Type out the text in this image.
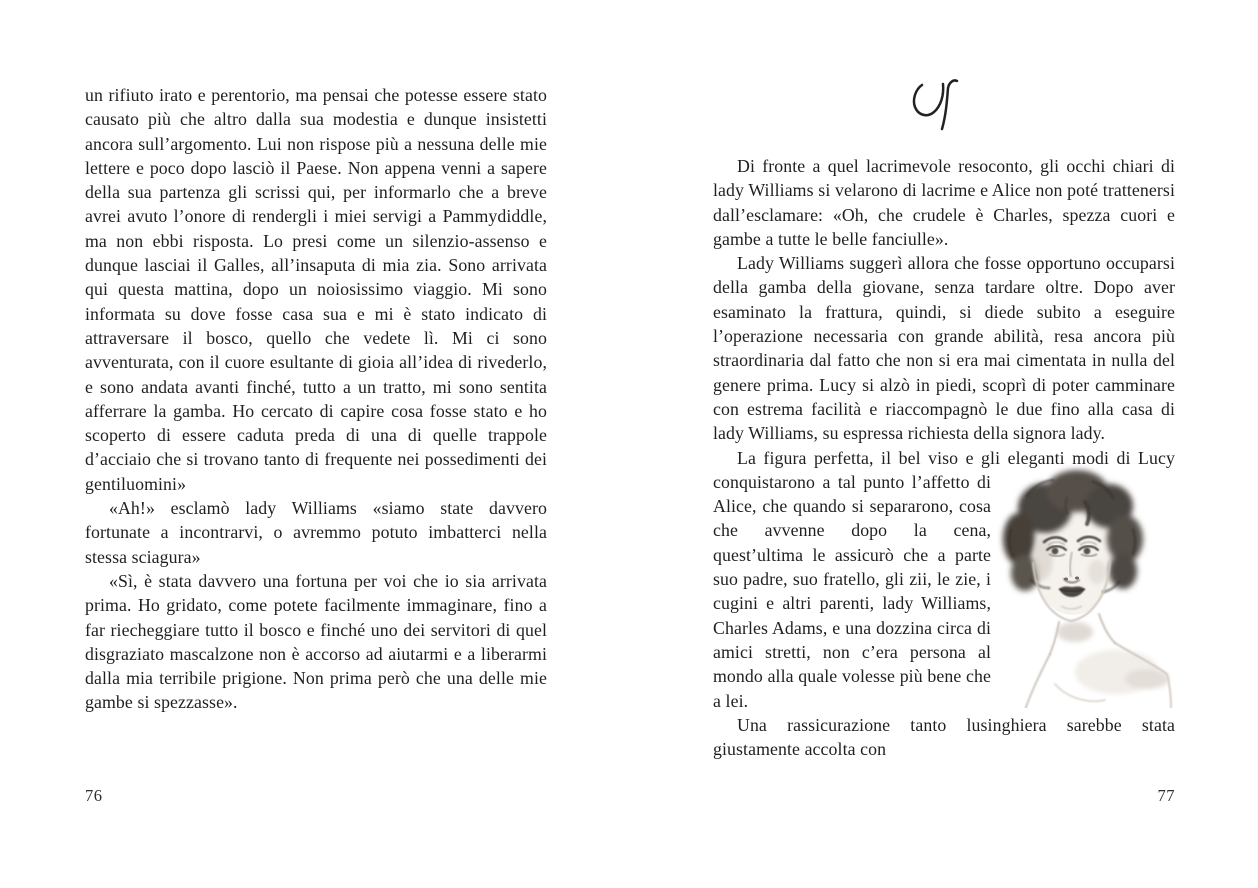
un rifiuto irato e perentorio, ma pensai che potesse essere stato causato più che altro dalla sua modestia e dunque insistetti ancora sull’argomento. Lui non rispose più a nessuna delle mie lettere e poco dopo lasciò il Paese. Non appena venni a sapere della sua partenza gli scrissi qui, per informarlo che a breve avrei avuto l’onore di rendergli i miei servigi a Pammydiddle, ma non ebbi risposta. Lo presi come un silenzio-assenso e dunque lasciai il Galles, all’insaputa di mia zia. Sono arrivata qui questa mattina, dopo un noiosissimo viaggio. Mi sono informata su dove fosse casa sua e mi è stato indicato di attraversare il bosco, quello che vedete lì. Mi ci sono avventurata, con il cuore esultante di gioia all’idea di rivederlo, e sono andata avanti finché, tutto a un tratto, mi sono sentita afferrare la gamba. Ho cercato di capire cosa fosse stato e ho scoperto di essere caduta preda di una di quelle trappole d’acciaio che si trovano tanto di frequente nei possedimenti dei gentiluomini»

«Ah!» esclamò lady Williams «siamo state davvero fortunate a incontrarvi, o avremmo potuto imbatterci nella stessa sciagura»

«Sì, è stata davvero una fortuna per voi che io sia arrivata prima. Ho gridato, come potete facilmente immaginare, fino a far riecheggiare tutto il bosco e finché uno dei servitori di quel disgraziato mascalzone non è accorso ad aiutarmi e a liberarmi dalla mia terribile prigione. Non prima però che una delle mie gambe si spezzasse».

Di fronte a quel lacrimevole resoconto, gli occhi chiari di lady Williams si velarono di lacrime e Alice non poté trattenersi dall’esclamare: «Oh, che crudele è Charles, spezza cuori e gambe a tutte le belle fanciulle».

Lady Williams suggerì allora che fosse opportuno occuparsi della gamba della giovane, senza tardare oltre. Dopo aver esaminato la frattura, quindi, si diede subito a eseguire l’operazione necessaria con grande abilità, resa ancora più straordinaria dal fatto che non si era mai cimentata in nulla del genere prima. Lucy si alzò in piedi, scoprì di poter camminare con estrema facilità e riaccompagnò le due fino alla casa di lady Williams, su espressa richiesta della signora lady.

La figura perfetta, il bel viso e gli eleganti modi di Lucy conquistarono a tal punto l’affetto di Alice, che quando si separarono, cosa che avvenne dopo la cena, quest’ultima le assicurò che a parte suo padre, suo fratello, gli zii, le zie, i cugini e altri parenti, lady Williams, Charles Adams, e una dozzina circa di amici stretti, non c’era persona al mondo alla quale volesse più bene che a lei.

Una rassicurazione tanto lusinghiera sarebbe stata giustamente accolta con

76	77
